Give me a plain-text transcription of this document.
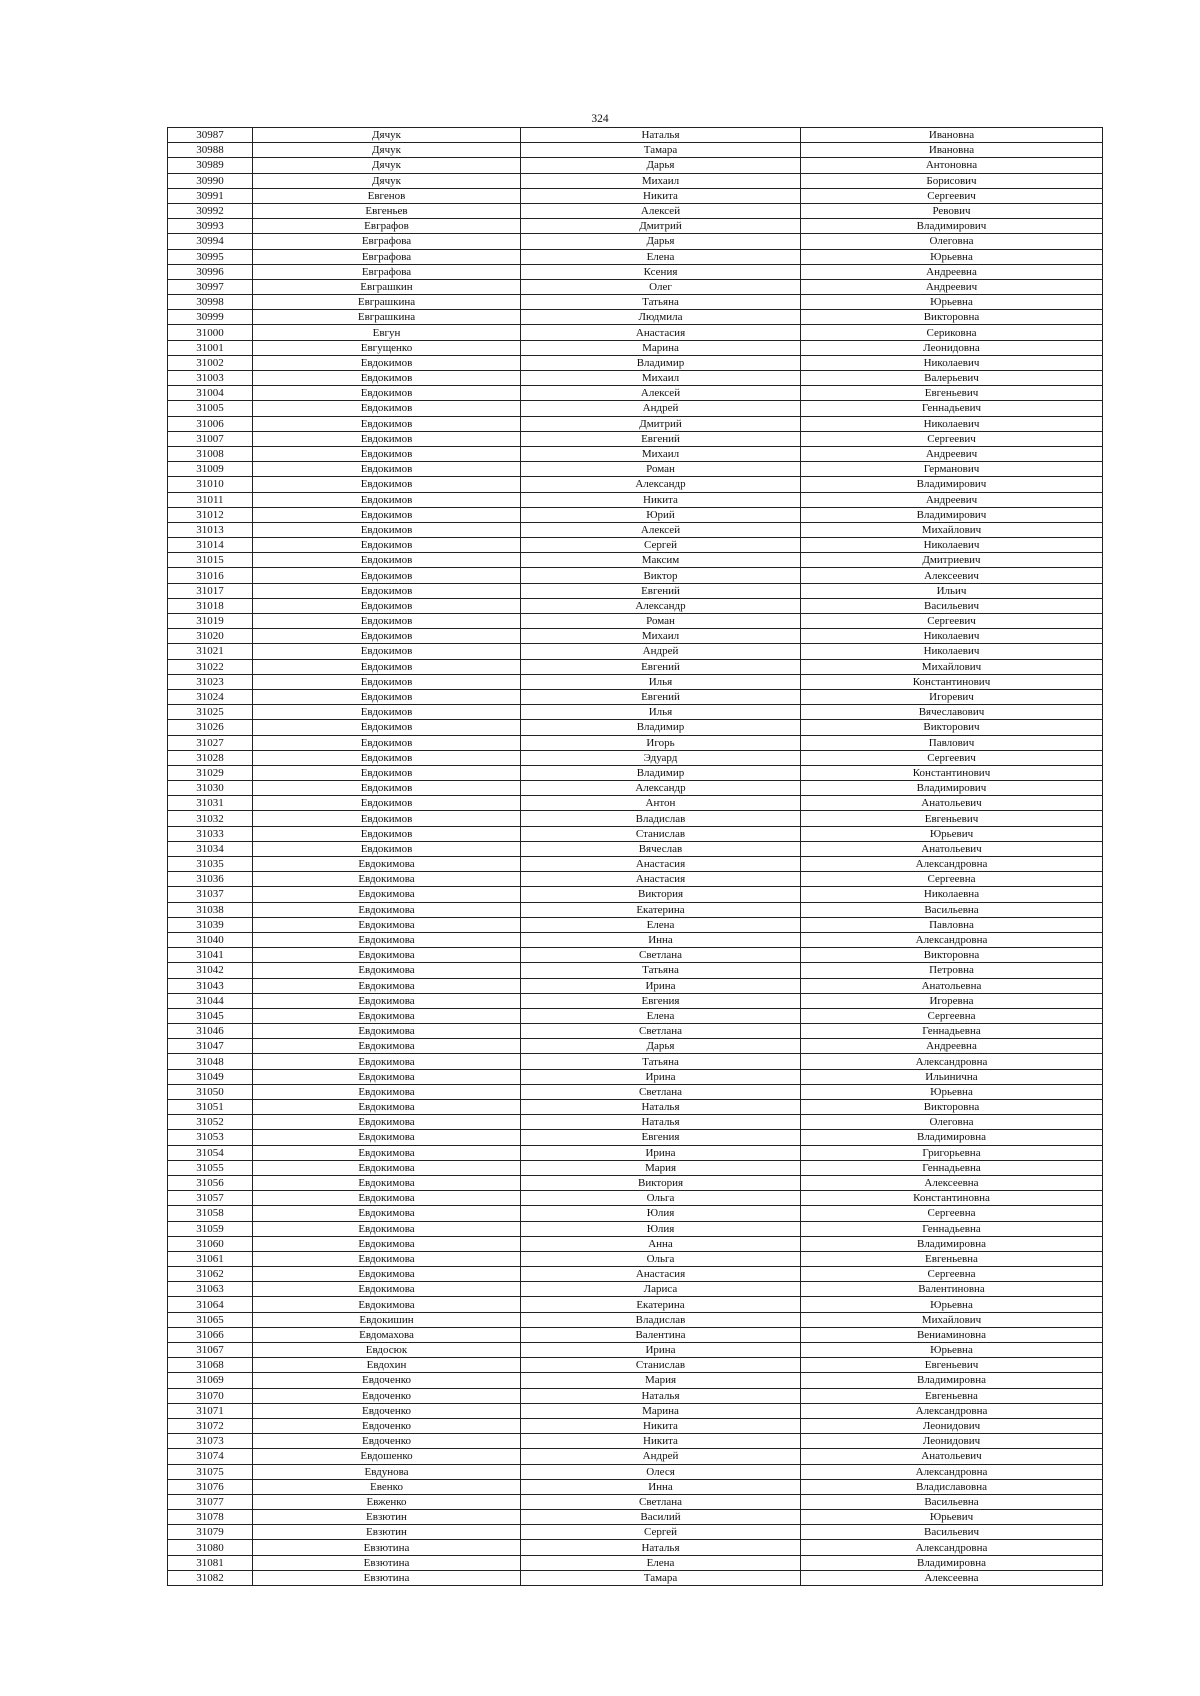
324
30987	Дячук	Наталья	Ивановна
30988	Дячук	Тамара	Ивановна
30989	Дячук	Дарья	Антоновна
30990	Дячук	Михаил	Борисович
30991	Евгенов	Никита	Сергеевич
30992	Евгеньев	Алексей	Ревович
30993	Евграфов	Дмитрий	Владимирович
30994	Евграфова	Дарья	Олеговна
30995	Евграфова	Елена	Юрьевна
30996	Евграфова	Ксения	Андреевна
30997	Евграшкин	Олег	Андреевич
30998	Евграшкина	Татьяна	Юрьевна
30999	Евграшкина	Людмила	Викторовна
31000	Евгун	Анастасия	Сериковна
31001	Евгущенко	Марина	Леонидовна
31002	Евдокимов	Владимир	Николаевич
31003	Евдокимов	Михаил	Валерьевич
31004	Евдокимов	Алексей	Евгеньевич
31005	Евдокимов	Андрей	Геннадьевич
31006	Евдокимов	Дмитрий	Николаевич
31007	Евдокимов	Евгений	Сергеевич
31008	Евдокимов	Михаил	Андреевич
31009	Евдокимов	Роман	Германович
31010	Евдокимов	Александр	Владимирович
31011	Евдокимов	Никита	Андреевич
31012	Евдокимов	Юрий	Владимирович
31013	Евдокимов	Алексей	Михайлович
31014	Евдокимов	Сергей	Николаевич
31015	Евдокимов	Максим	Дмитриевич
31016	Евдокимов	Виктор	Алексеевич
31017	Евдокимов	Евгений	Ильич
31018	Евдокимов	Александр	Васильевич
31019	Евдокимов	Роман	Сергеевич
31020	Евдокимов	Михаил	Николаевич
31021	Евдокимов	Андрей	Николаевич
31022	Евдокимов	Евгений	Михайлович
31023	Евдокимов	Илья	Константинович
31024	Евдокимов	Евгений	Игоревич
31025	Евдокимов	Илья	Вячеславович
31026	Евдокимов	Владимир	Викторович
31027	Евдокимов	Игорь	Павлович
31028	Евдокимов	Эдуард	Сергеевич
31029	Евдокимов	Владимир	Константинович
31030	Евдокимов	Александр	Владимирович
31031	Евдокимов	Антон	Анатольевич
31032	Евдокимов	Владислав	Евгеньевич
31033	Евдокимов	Станислав	Юрьевич
31034	Евдокимов	Вячеслав	Анатольевич
31035	Евдокимова	Анастасия	Александровна
31036	Евдокимова	Анастасия	Сергеевна
31037	Евдокимова	Виктория	Николаевна
31038	Евдокимова	Екатерина	Васильевна
31039	Евдокимова	Елена	Павловна
31040	Евдокимова	Инна	Александровна
31041	Евдокимова	Светлана	Викторовна
31042	Евдокимова	Татьяна	Петровна
31043	Евдокимова	Ирина	Анатольевна
31044	Евдокимова	Евгения	Игоревна
31045	Евдокимова	Елена	Сергеевна
31046	Евдокимова	Светлана	Геннадьевна
31047	Евдокимова	Дарья	Андреевна
31048	Евдокимова	Татьяна	Александровна
31049	Евдокимова	Ирина	Ильинична
31050	Евдокимова	Светлана	Юрьевна
31051	Евдокимова	Наталья	Викторовна
31052	Евдокимова	Наталья	Олеговна
31053	Евдокимова	Евгения	Владимировна
31054	Евдокимова	Ирина	Григорьевна
31055	Евдокимова	Мария	Геннадьевна
31056	Евдокимова	Виктория	Алексеевна
31057	Евдокимова	Ольга	Константиновна
31058	Евдокимова	Юлия	Сергеевна
31059	Евдокимова	Юлия	Геннадьевна
31060	Евдокимова	Анна	Владимировна
31061	Евдокимова	Ольга	Евгеньевна
31062	Евдокимова	Анастасия	Сергеевна
31063	Евдокимова	Лариса	Валентиновна
31064	Евдокимова	Екатерина	Юрьевна
31065	Евдокишин	Владислав	Михайлович
31066	Евдомахова	Валентина	Вениаминовна
31067	Евдосюк	Ирина	Юрьевна
31068	Евдохин	Станислав	Евгеньевич
31069	Евдоченко	Мария	Владимировна
31070	Евдоченко	Наталья	Евгеньевна
31071	Евдоченко	Марина	Александровна
31072	Евдоченко	Никита	Леонидович
31073	Евдоченко	Никита	Леонидович
31074	Евдошенко	Андрей	Анатольевич
31075	Евдунова	Олеся	Александровна
31076	Евенко	Инна	Владиславовна
31077	Евженко	Светлана	Васильевна
31078	Евзютин	Василий	Юрьевич
31079	Евзютин	Сергей	Васильевич
31080	Евзютина	Наталья	Александровна
31081	Евзютина	Елена	Владимировна
31082	Евзютина	Тамара	Алексеевна
